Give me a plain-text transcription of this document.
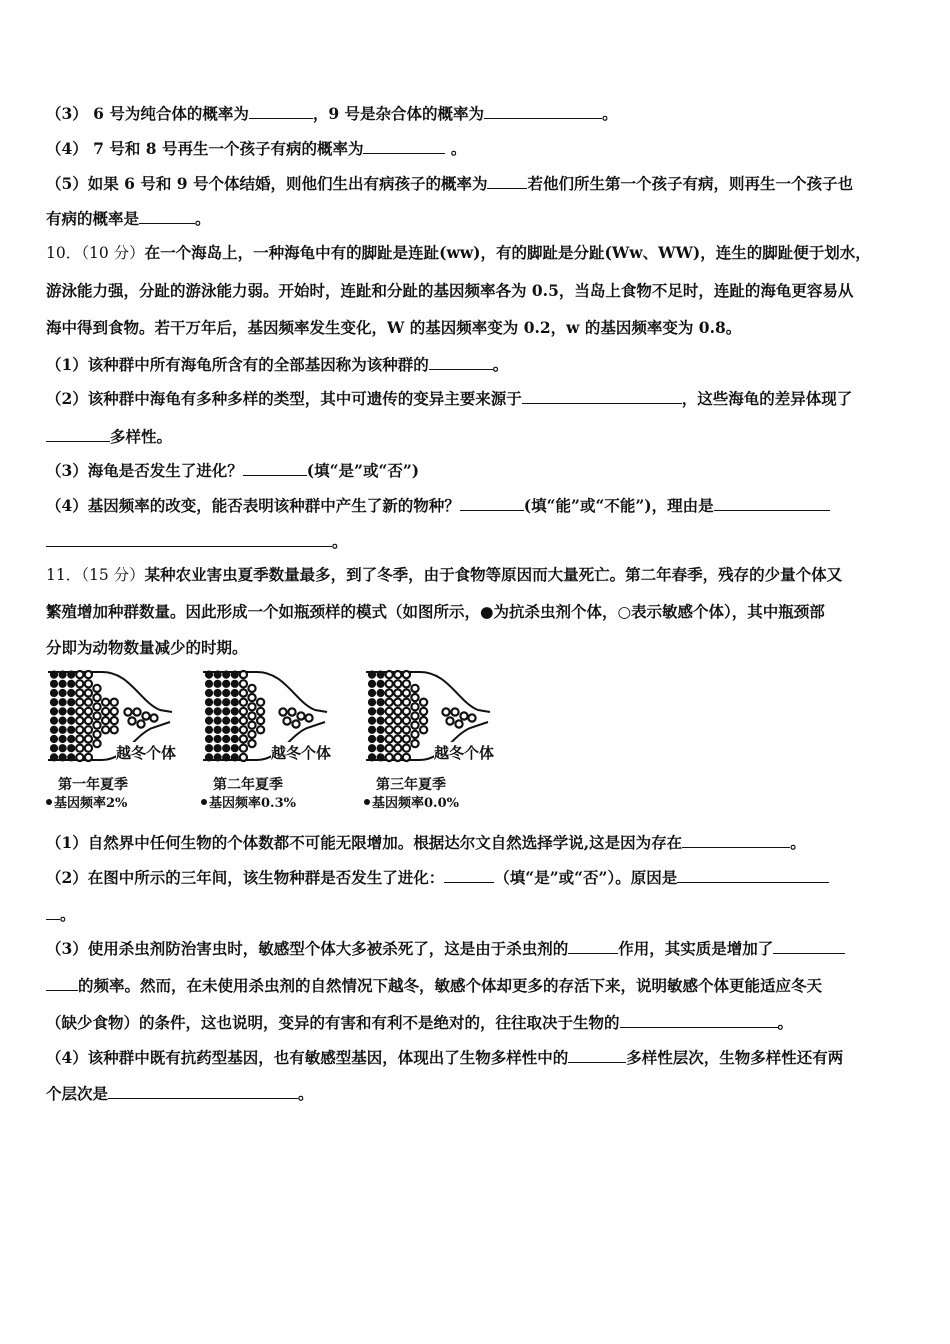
（3） 6 号为纯合体的概率为	，9 号是杂合体的概率为	。
（4） 7 号和 8 号再生一个孩子有病的概率为	。
（5）如果 6 号和 9 号个体结婚，则他们生出有病孩子的概率为	若他们所生第一个孩子有病，则再生一个孩子也
有病的概率是	。
10．（10 分）在一个海岛上，一种海龟中有的脚趾是连趾(ww)，有的脚趾是分趾(Ww、WW)，连生的脚趾便于划水，
游泳能力强，分趾的游泳能力弱。开始时，连趾和分趾的基因频率各为 0.5，当岛上食物不足时，连趾的海龟更容易从
海中得到食物。若干万年后，基因频率发生变化，W 的基因频率变为 0.2，w 的基因频率变为 0.8。
（1）该种群中所有海龟所含有的全部基因称为该种群的	。
（2）该种群中海龟有多种多样的类型，其中可遗传的变异主要来源于	，这些海龟的差异体现了
多样性。
（3）海龟是否发生了进化？	(填“是”或“否”)
（4）基因频率的改变，能否表明该种群中产生了新的物种？	(填“能”或“不能”)，理由是
。
11．（15 分）某种农业害虫夏季数量最多，到了冬季，由于食物等原因而大量死亡。第二年春季，残存的少量个体又
繁殖增加种群数量。因此形成一个如瓶颈样的模式（如图所示，●为抗杀虫剂个体，○表示敏感个体），其中瓶颈部
分即为动物数量减少的时期。
越冬个体
第一年夏季
基因频率2%
越冬个体
第二年夏季
基因频率0.3%
越冬个体
第三年夏季
基因频率0.0%
（1）自然界中任何生物的个体数都不可能无限增加。根据达尔文自然选择学说,这是因为存在	。
（2）在图中所示的三年间，该生物种群是否发生了进化：	（填“是”或“否”）。原因是
。
（3）使用杀虫剂防治害虫时，敏感型个体大多被杀死了，这是由于杀虫剂的	作用，其实质是增加了
的频率。然而，在未使用杀虫剂的自然情况下越冬，敏感个体却更多的存活下来，说明敏感个体更能适应冬天
（缺少食物）的条件，这也说明，变异的有害和有利不是绝对的，往往取决于生物的	。
（4）该种群中既有抗药型基因，也有敏感型基因，体现出了生物多样性中的	多样性层次，生物多样性还有两
个层次是	。
